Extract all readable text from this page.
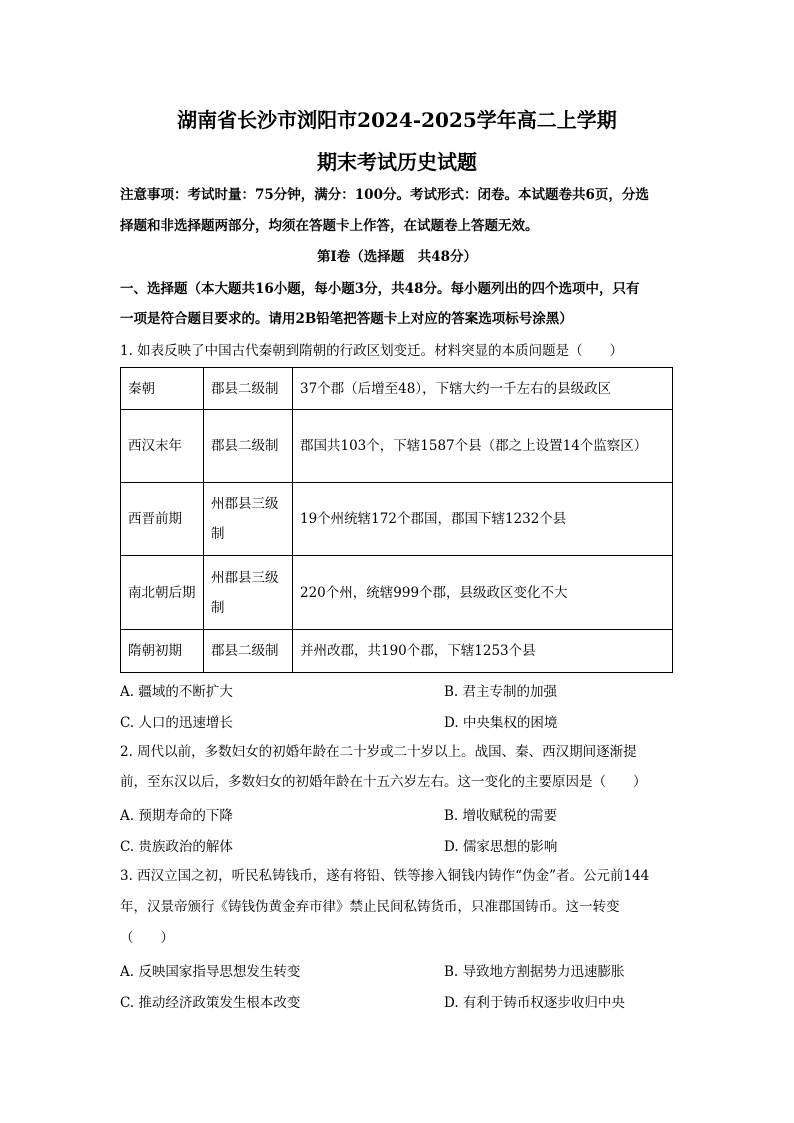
湖南省长沙市浏阳市2024-2025学年高二上学期
期末考试历史试题
注意事项：考试时量：75分钟，满分：100分。考试形式：闭卷。本试题卷共6页，分选
择题和非选择题两部分，均须在答题卡上作答，在试题卷上答题无效。
第Ⅰ卷（选择题　共48分）
一、选择题（本大题共16小题，每小题3分，共48分。每小题列出的四个选项中，只有
一项是符合题目要求的。请用2B铅笔把答题卡上对应的答案选项标号涂黑）
1. 如表反映了中国古代秦朝到隋朝的行政区划变迁。材料突显的本质问题是（　　）
秦朝	郡县二级制	37个郡（后增至48），下辖大约一千左右的县级政区
西汉末年	郡县二级制	郡国共103个，下辖1587个县（郡之上设置14个监察区）
西晋前期	州郡县三级制	19个州统辖172个郡国，郡国下辖1232个县
南北朝后期	州郡县三级制	220个州，统辖999个郡，县级政区变化不大
隋朝初期	郡县二级制	并州改郡，共190个郡，下辖1253个县
A. 疆域的不断扩大	B. 君主专制的加强
C. 人口的迅速增长	D. 中央集权的困境
2. 周代以前，多数妇女的初婚年龄在二十岁或二十岁以上。战国、秦、西汉期间逐渐提
前，至东汉以后，多数妇女的初婚年龄在十五六岁左右。这一变化的主要原因是（　　）
A. 预期寿命的下降	B. 增收赋税的需要
C. 贵族政治的解体	D. 儒家思想的影响
3. 西汉立国之初，听民私铸钱币，遂有将铅、铁等掺入铜钱内铸作“伪金”者。公元前144
年，汉景帝颁行《铸钱伪黄金弃市律》禁止民间私铸货币，只准郡国铸币。这一转变
（　　）
A. 反映国家指导思想发生转变	B. 导致地方割据势力迅速膨胀
C. 推动经济政策发生根本改变	D. 有利于铸币权逐步收归中央
